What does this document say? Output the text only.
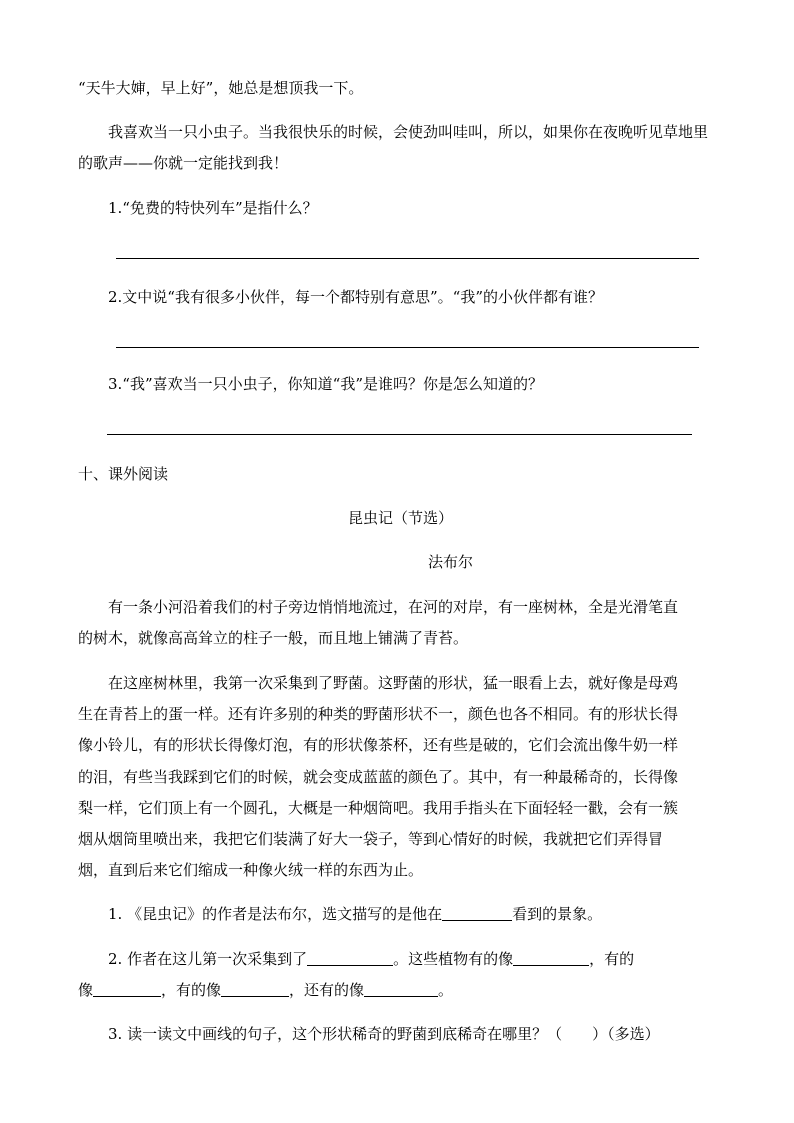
“天牛大婶，早上好”，她总是想顶我一下。
我喜欢当一只小虫子。当我很快乐的时候，会使劲叫哇叫，所以，如果你在夜晚听见草地里
的歌声——你就一定能找到我！
1.“免费的特快列车”是指什么？
2.文中说“我有很多小伙伴，每一个都特别有意思”。“我”的小伙伴都有谁？
3.“我”喜欢当一只小虫子，你知道“我”是谁吗？你是怎么知道的？
十、课外阅读
昆虫记（节选）
法布尔
有一条小河沿着我们的村子旁边悄悄地流过，在河的对岸，有一座树林，全是光滑笔直
的树木，就像高高耸立的柱子一般，而且地上铺满了青苔。
在这座树林里，我第一次采集到了野菌。这野菌的形状，猛一眼看上去，就好像是母鸡
生在青苔上的蛋一样。还有许多别的种类的野菌形状不一，颜色也各不相同。有的形状长得
像小铃儿，有的形状长得像灯泡，有的形状像茶杯，还有些是破的，它们会流出像牛奶一样
的泪，有些当我踩到它们的时候，就会变成蓝蓝的颜色了。其中，有一种最稀奇的，长得像
梨一样，它们顶上有一个圆孔，大概是一种烟筒吧。我用手指头在下面轻轻一戳，会有一簇
烟从烟筒里喷出来，我把它们装满了好大一袋子，等到心情好的时候，我就把它们弄得冒
烟，直到后来它们缩成一种像火绒一样的东西为止。
1. 《昆虫记》的作者是法布尔，选文描写的是他在	看到的景象。
2. 作者在这儿第一次采集到了	。这些植物有的像	，有的
像	，有的像	，还有的像	。
3. 读一读文中画线的句子，这个形状稀奇的野菌到底稀奇在哪里？（　　）（多选）
